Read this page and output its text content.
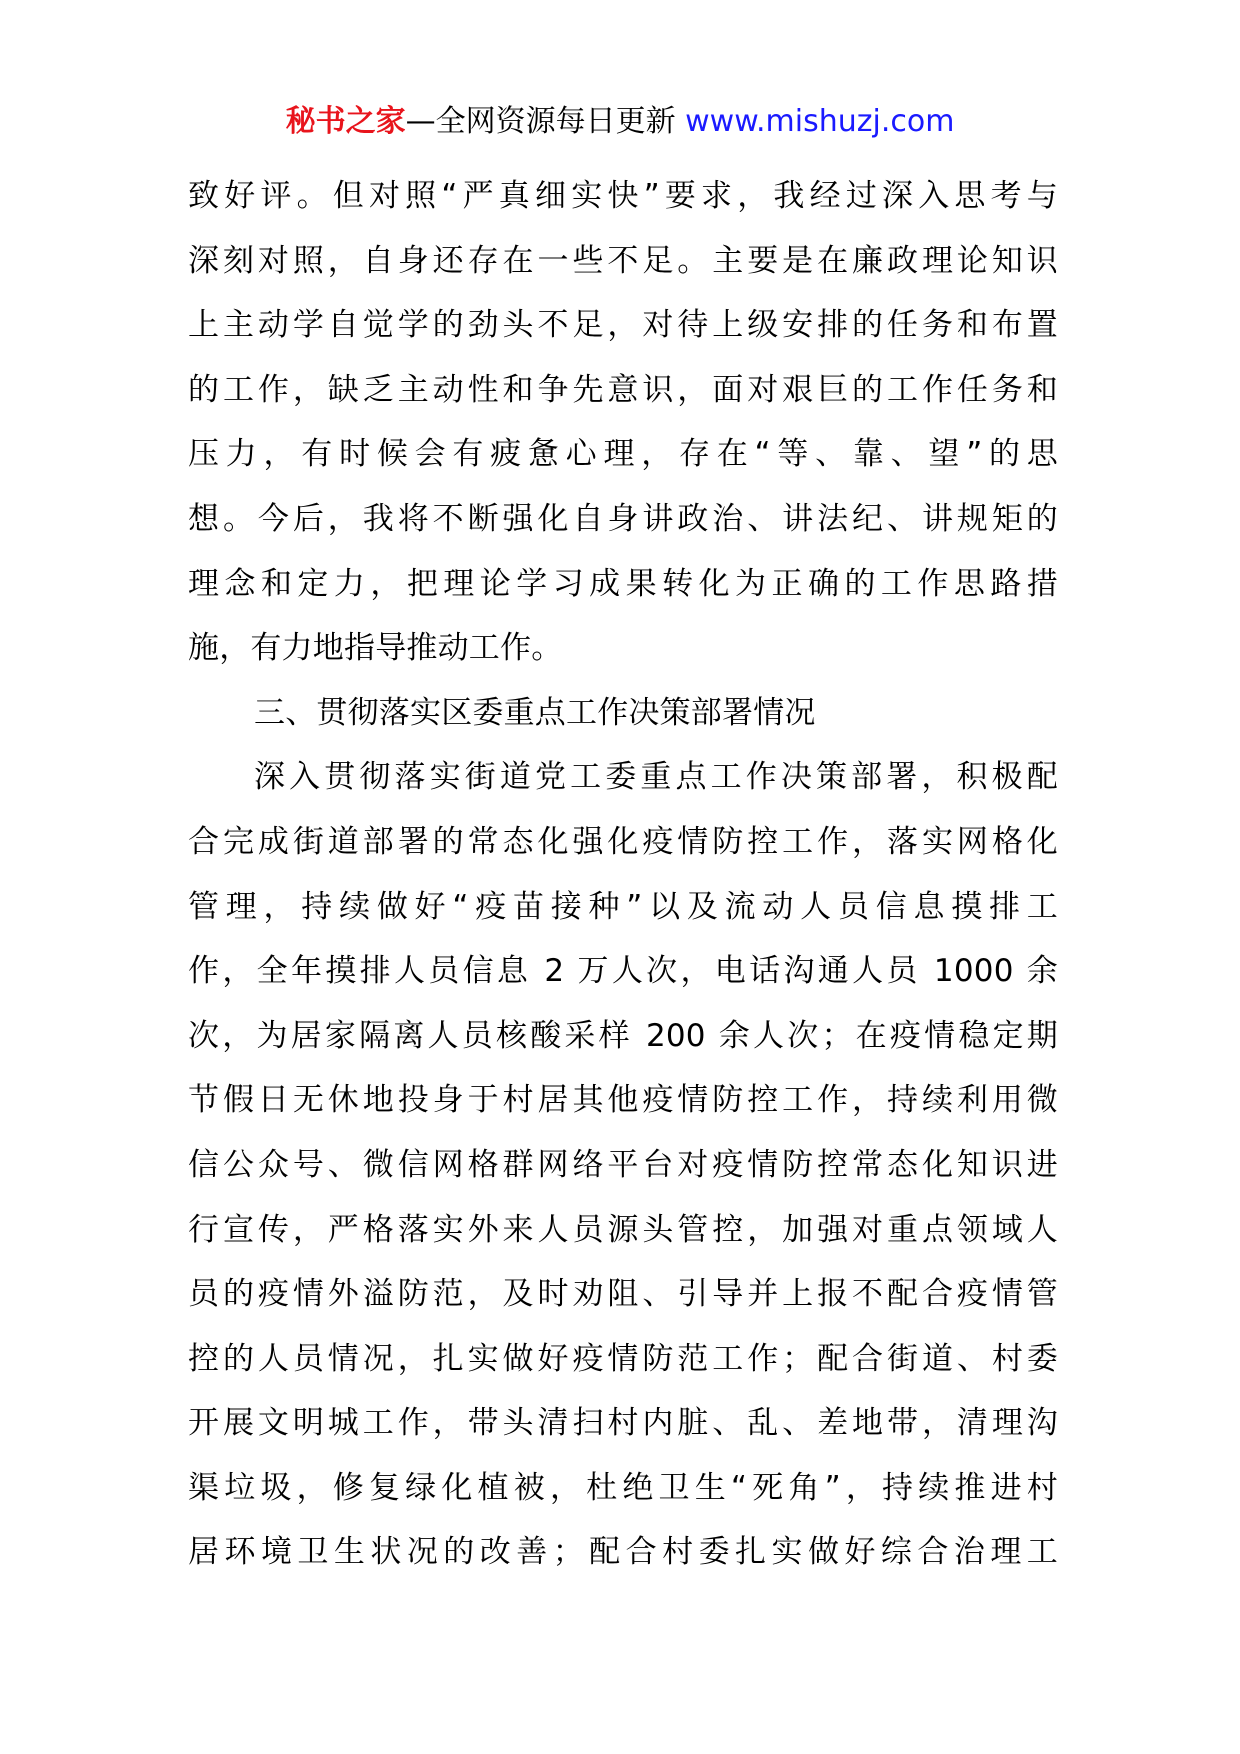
秘书之家—全网资源每日更新 www.mishuzj.com
致好评。但对照“严真细实快”要求，我经过深入思考与
深刻对照，自身还存在一些不足。主要是在廉政理论知识
上主动学自觉学的劲头不足，对待上级安排的任务和布置
的工作，缺乏主动性和争先意识，面对艰巨的工作任务和
压力，有时候会有疲惫心理，存在“等、靠、望”的思
想。今后，我将不断强化自身讲政治、讲法纪、讲规矩的
理念和定力，把理论学习成果转化为正确的工作思路措
施，有力地指导推动工作。
三、贯彻落实区委重点工作决策部署情况
深入贯彻落实街道党工委重点工作决策部署，积极配
合完成街道部署的常态化强化疫情防控工作，落实网格化
管理，持续做好“疫苗接种”以及流动人员信息摸排工
作，全年摸排人员信息 2 万人次，电话沟通人员 1000 余
次，为居家隔离人员核酸采样 200 余人次；在疫情稳定期
节假日无休地投身于村居其他疫情防控工作，持续利用微
信公众号、微信网格群网络平台对疫情防控常态化知识进
行宣传，严格落实外来人员源头管控，加强对重点领域人
员的疫情外溢防范，及时劝阻、引导并上报不配合疫情管
控的人员情况，扎实做好疫情防范工作；配合街道、村委
开展文明城工作，带头清扫村内脏、乱、差地带，清理沟
渠垃圾，修复绿化植被，杜绝卫生“死角”，持续推进村
居环境卫生状况的改善；配合村委扎实做好综合治理工
